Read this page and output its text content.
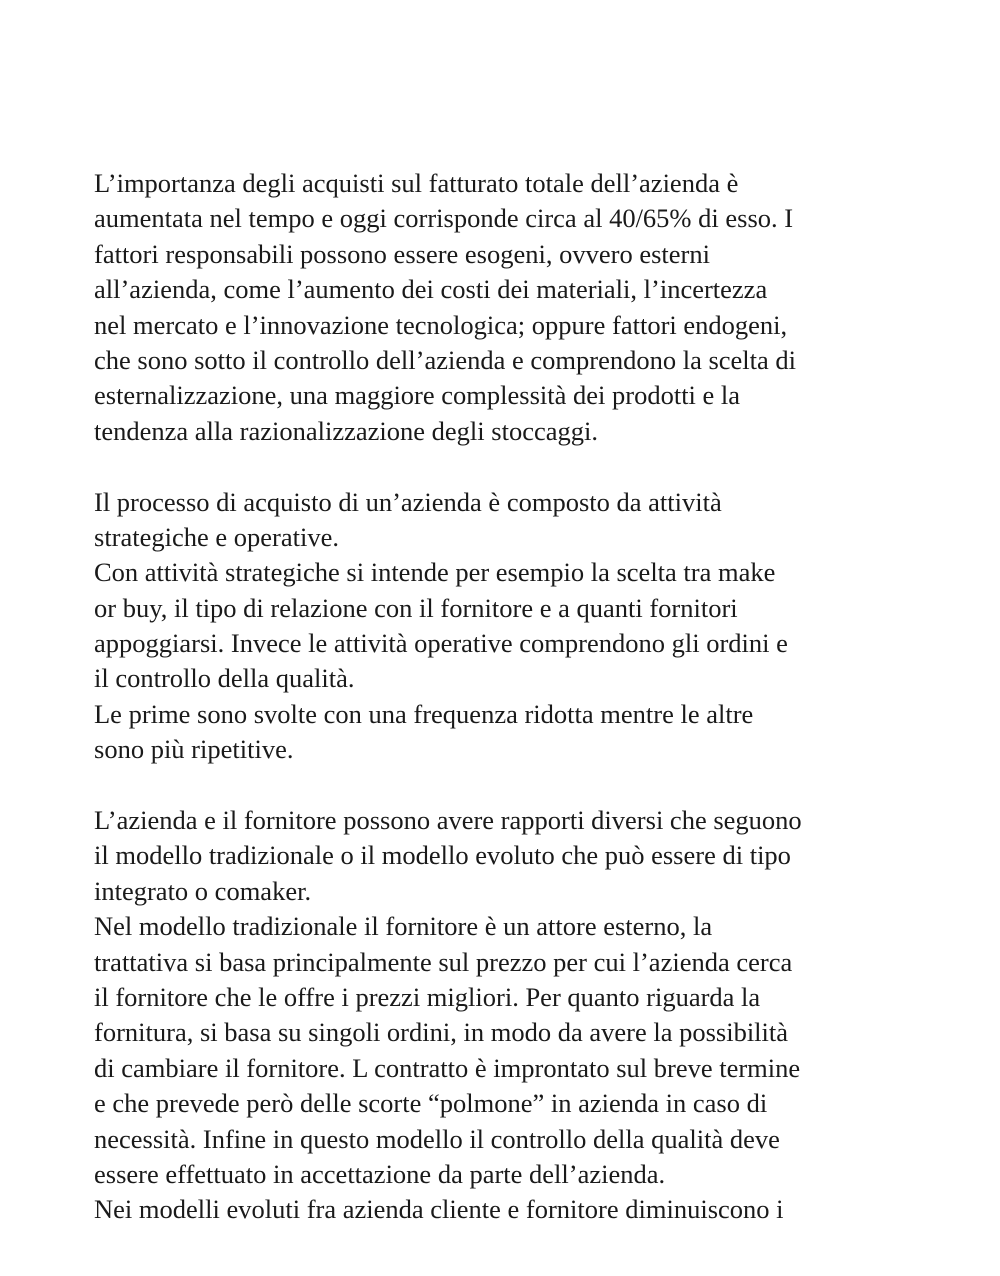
L’importanza degli acquisti sul fatturato totale dell’azienda è
aumentata nel tempo e oggi corrisponde circa al 40/65% di esso. I
fattori responsabili possono essere esogeni, ovvero esterni
all’azienda, come l’aumento dei costi dei materiali, l’incertezza
nel mercato e l’innovazione tecnologica; oppure fattori endogeni,
che sono sotto il controllo dell’azienda e comprendono la scelta di
esternalizzazione, una maggiore complessità dei prodotti e la
tendenza alla razionalizzazione degli stoccaggi.
Il processo di acquisto di un’azienda è composto da attività
strategiche e operative.
Con attività strategiche si intende per esempio la scelta tra make
or buy, il tipo di relazione con il fornitore e a quanti fornitori
appoggiarsi. Invece le attività operative comprendono gli ordini e
il controllo della qualità.
Le prime sono svolte con una frequenza ridotta mentre le altre
sono più ripetitive.
L’azienda e il fornitore possono avere rapporti diversi che seguono
il modello tradizionale o il modello evoluto che può essere di tipo
integrato o comaker.
Nel modello tradizionale il fornitore è un attore esterno, la
trattativa si basa principalmente sul prezzo per cui l’azienda cerca
il fornitore che le offre i prezzi migliori. Per quanto riguarda la
fornitura, si basa su singoli ordini, in modo da avere la possibilità
di cambiare il fornitore. L contratto è improntato sul breve termine
e che prevede però delle scorte “polmone” in azienda in caso di
necessità. Infine in questo modello il controllo della qualità deve
essere effettuato in accettazione da parte dell’azienda.
Nei modelli evoluti fra azienda cliente e fornitore diminuiscono i
